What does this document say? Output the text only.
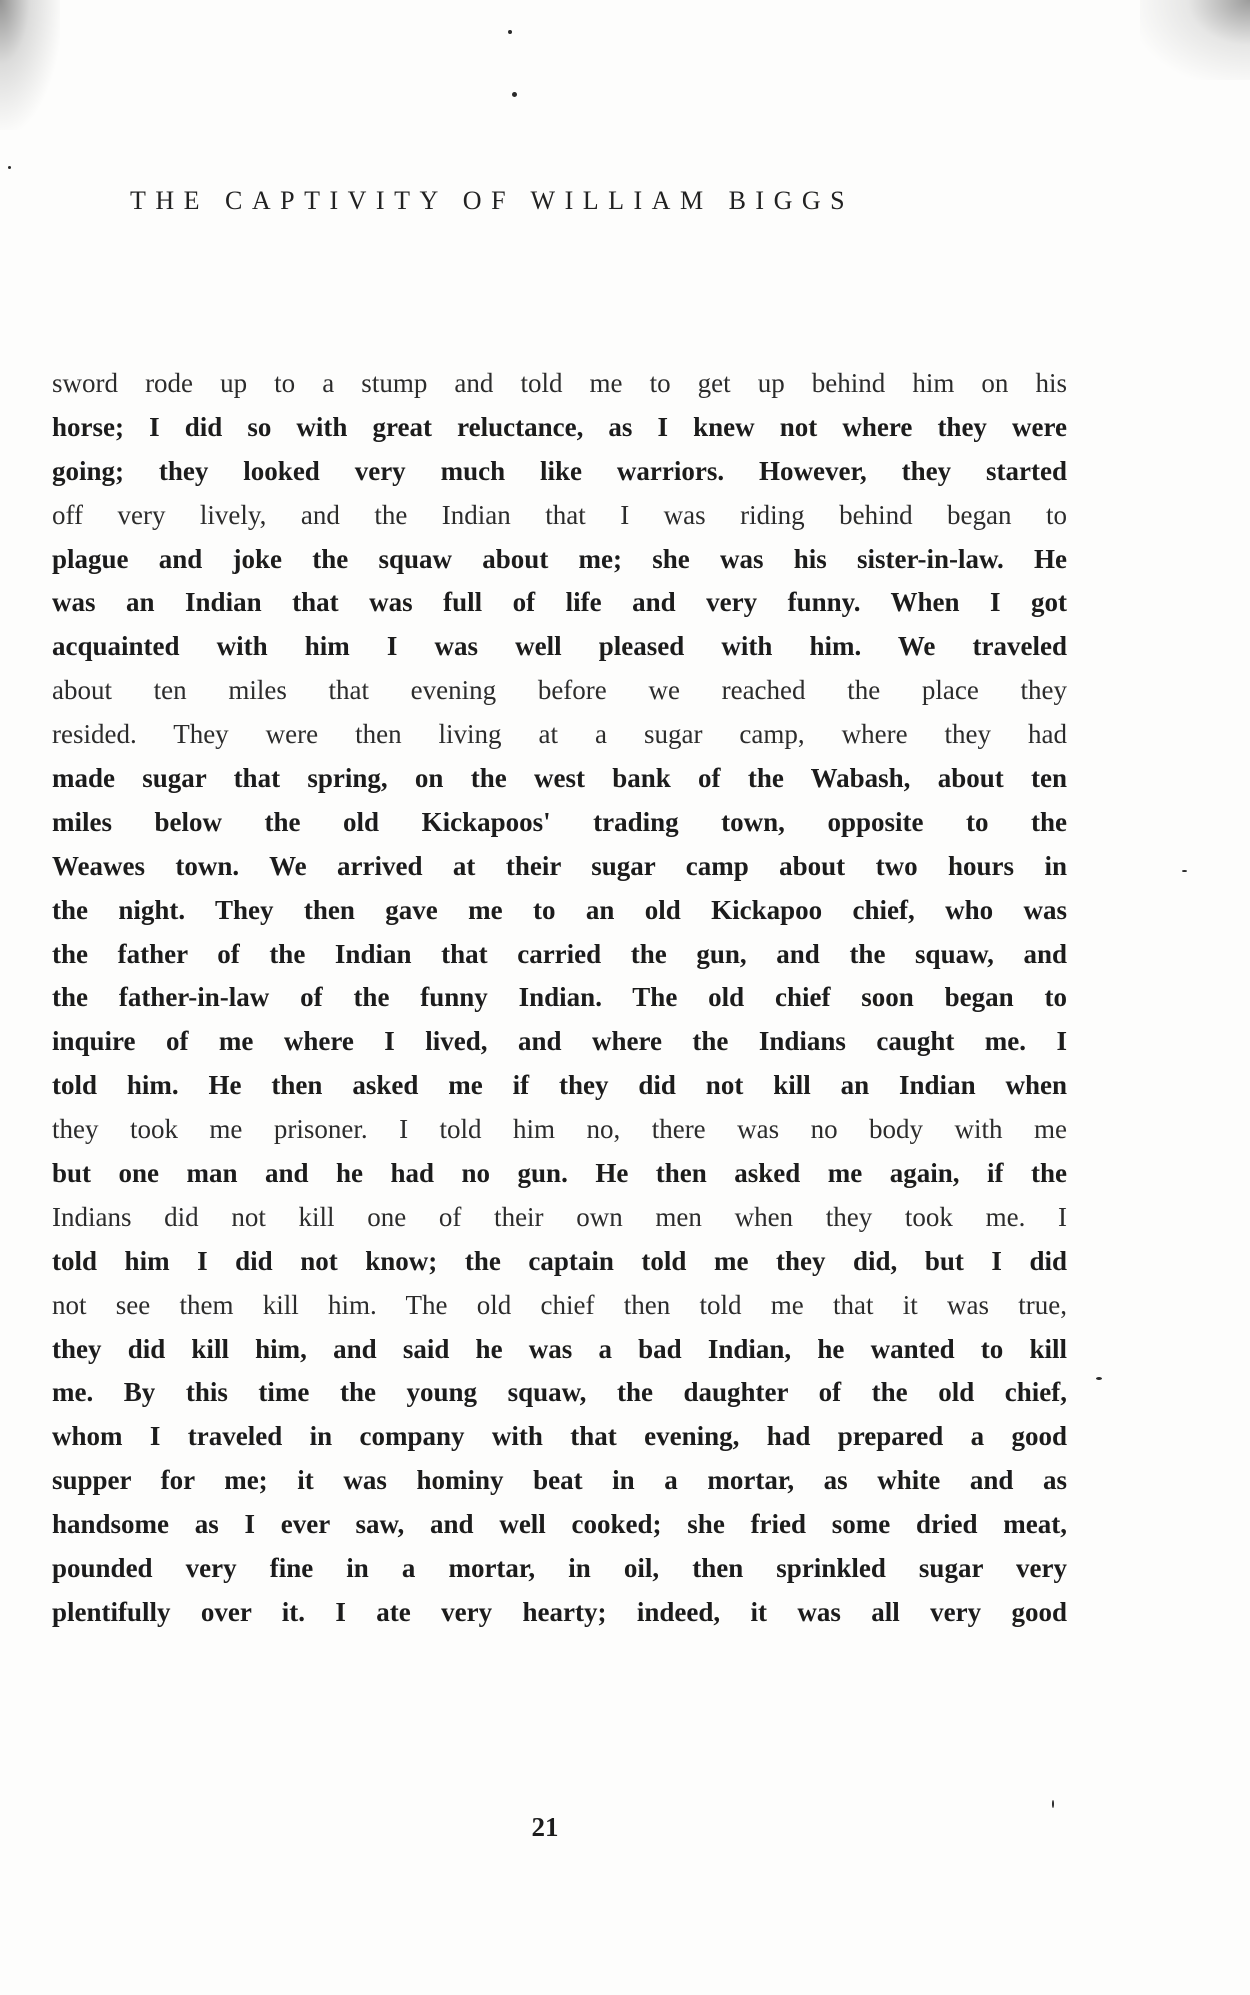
THE CAPTIVITY OF WILLIAM BIGGS
sword rode up to a stump and told me to get up behind him on his
horse; I did so with great reluctance, as I knew not where they were
going; they looked very much like warriors. However, they started
off very lively, and the Indian that I was riding behind began to
plague and joke the squaw about me; she was his sister-in-law. He
was an Indian that was full of life and very funny. When I got
acquainted with him I was well pleased with him. We traveled
about ten miles that evening before we reached the place they
resided. They were then living at a sugar camp, where they had
made sugar that spring, on the west bank of the Wabash, about ten
miles below the old Kickapoos' trading town, opposite to the
Weawes town. We arrived at their sugar camp about two hours in
the night. They then gave me to an old Kickapoo chief, who was
the father of the Indian that carried the gun, and the squaw, and
the father-in-law of the funny Indian. The old chief soon began to
inquire of me where I lived, and where the Indians caught me. I
told him. He then asked me if they did not kill an Indian when
they took me prisoner. I told him no, there was no body with me
but one man and he had no gun. He then asked me again, if the
Indians did not kill one of their own men when they took me. I
told him I did not know; the captain told me they did, but I did
not see them kill him. The old chief then told me that it was true,
they did kill him, and said he was a bad Indian, he wanted to kill
me. By this time the young squaw, the daughter of the old chief,
whom I traveled in company with that evening, had prepared a good
supper for me; it was hominy beat in a mortar, as white and as
handsome as I ever saw, and well cooked; she fried some dried meat,
pounded very fine in a mortar, in oil, then sprinkled sugar very
plentifully over it. I ate very hearty; indeed, it was all very good
21
